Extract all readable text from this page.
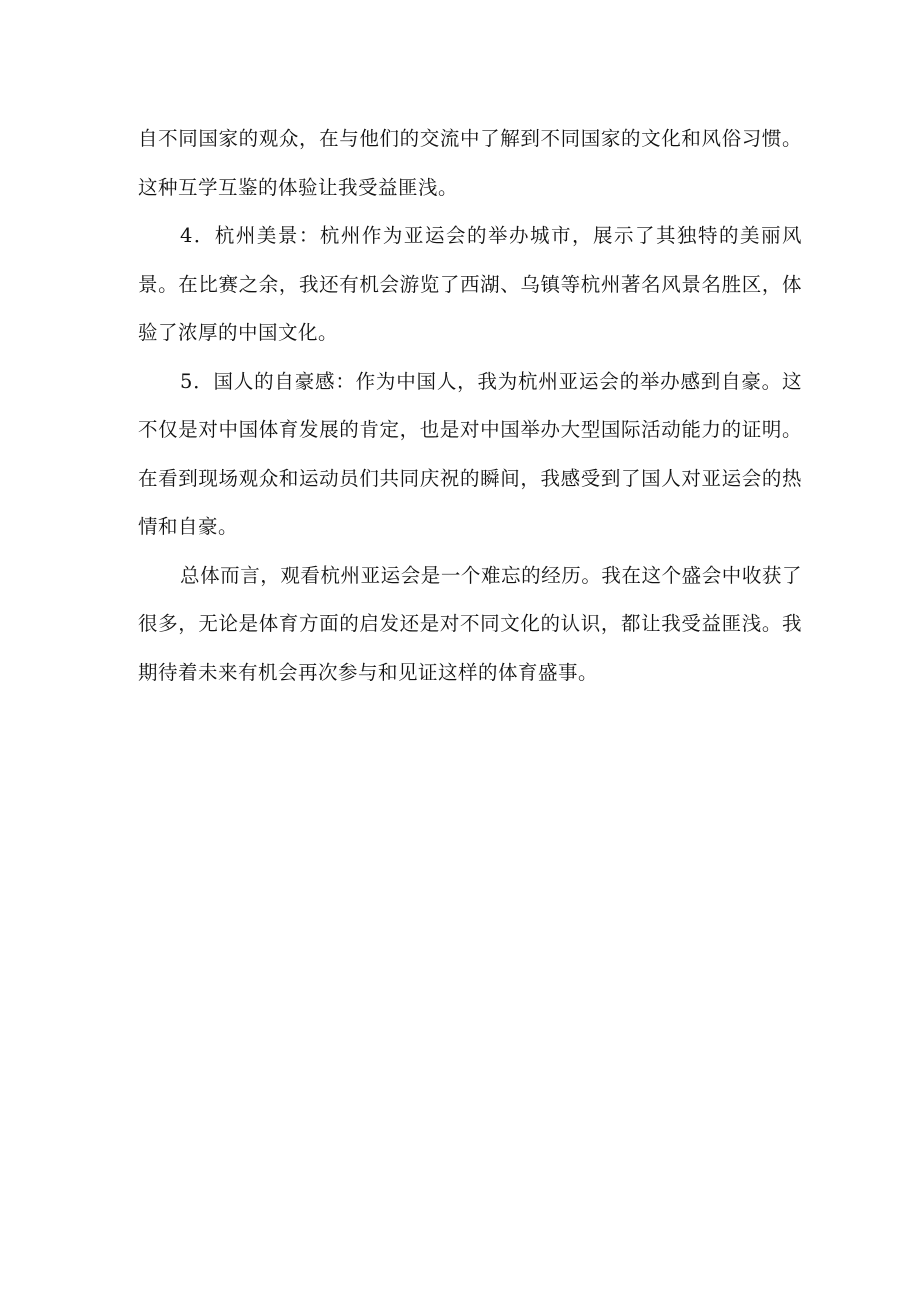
自不同国家的观众，在与他们的交流中了解到不同国家的文化和风俗习惯。这种互学互鉴的体验让我受益匪浅。

4．杭州美景：杭州作为亚运会的举办城市，展示了其独特的美丽风景。在比赛之余，我还有机会游览了西湖、乌镇等杭州著名风景名胜区，体验了浓厚的中国文化。

5．国人的自豪感：作为中国人，我为杭州亚运会的举办感到自豪。这不仅是对中国体育发展的肯定，也是对中国举办大型国际活动能力的证明。在看到现场观众和运动员们共同庆祝的瞬间，我感受到了国人对亚运会的热情和自豪。

总体而言，观看杭州亚运会是一个难忘的经历。我在这个盛会中收获了很多，无论是体育方面的启发还是对不同文化的认识，都让我受益匪浅。我期待着未来有机会再次参与和见证这样的体育盛事。
